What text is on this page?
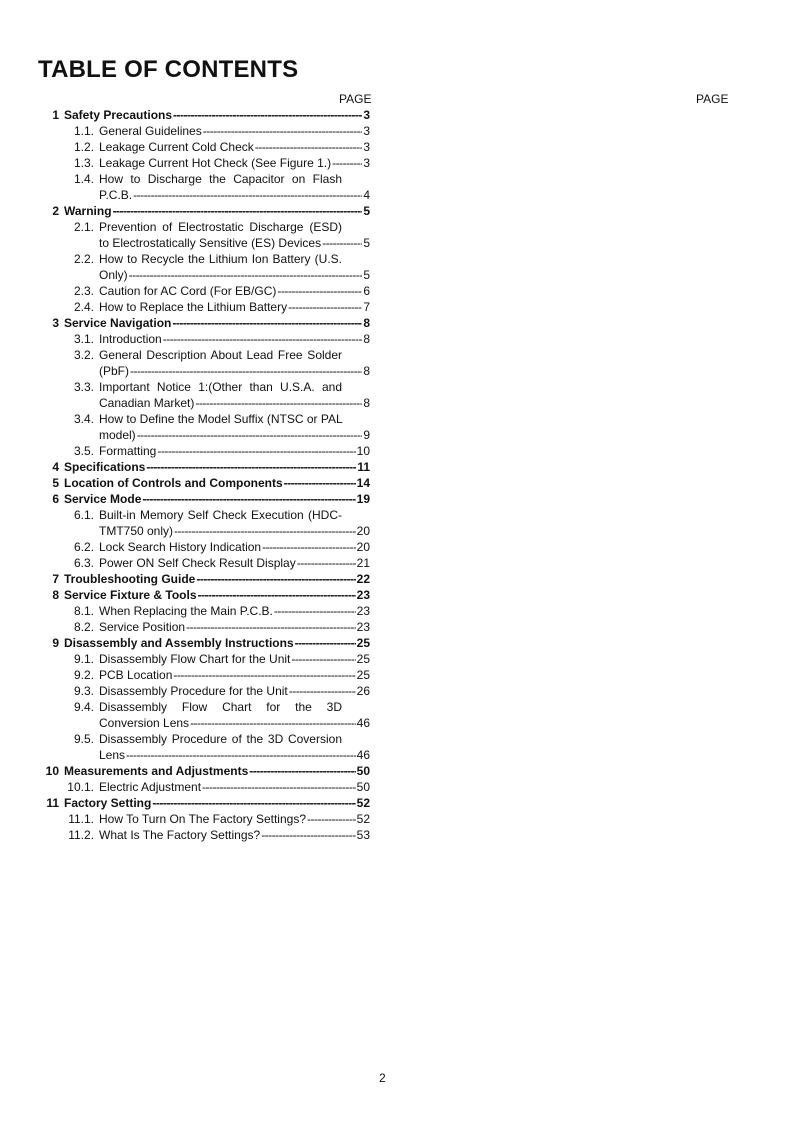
TABLE OF CONTENTS
PAGE	PAGE
1 Safety Precautions -----	3
1.1. General Guidelines -----	3
1.2. Leakage Current Cold Check -----	3
1.3. Leakage Current Hot Check (See Figure 1.) -----	3
1.4. How to Discharge the Capacitor on Flash
P.C.B. -----	4
2 Warning -----	5
2.1. Prevention of Electrostatic Discharge (ESD)
to Electrostatically Sensitive (ES) Devices -----	5
2.2. How to Recycle the Lithium Ion Battery (U.S.
Only) -----	5
2.3. Caution for AC Cord (For EB/GC) -----	6
2.4. How to Replace the Lithium Battery -----	7
3 Service Navigation -----	8
3.1. Introduction -----	8
3.2. General Description About Lead Free Solder
(PbF) -----	8
3.3. Important Notice 1:(Other than U.S.A. and
Canadian Market) -----	8
3.4. How to Define the Model Suffix (NTSC or PAL
model) -----	9
3.5. Formatting -----	10
4 Specifications -----	11
5 Location of Controls and Components -----	14
6 Service Mode -----	19
6.1. Built-in Memory Self Check Execution (HDC-
TMT750 only) -----	20
6.2. Lock Search History Indication -----	20
6.3. Power ON Self Check Result Display -----	21
7 Troubleshooting Guide -----	22
8 Service Fixture & Tools -----	23
8.1. When Replacing the Main P.C.B. -----	23
8.2. Service Position -----	23
9 Disassembly and Assembly Instructions -----	25
9.1. Disassembly Flow Chart for the Unit -----	25
9.2. PCB Location -----	25
9.3. Disassembly Procedure for the Unit -----	26
9.4. Disassembly Flow Chart for the 3D
Conversion Lens -----	46
9.5. Disassembly Procedure of the 3D Coversion
Lens -----	46
10 Measurements and Adjustments -----	50
10.1. Electric Adjustment -----	50
11 Factory Setting -----	52
11.1. How To Turn On The Factory Settings? -----	52
11.2. What Is The Factory Settings? -----	53
2
